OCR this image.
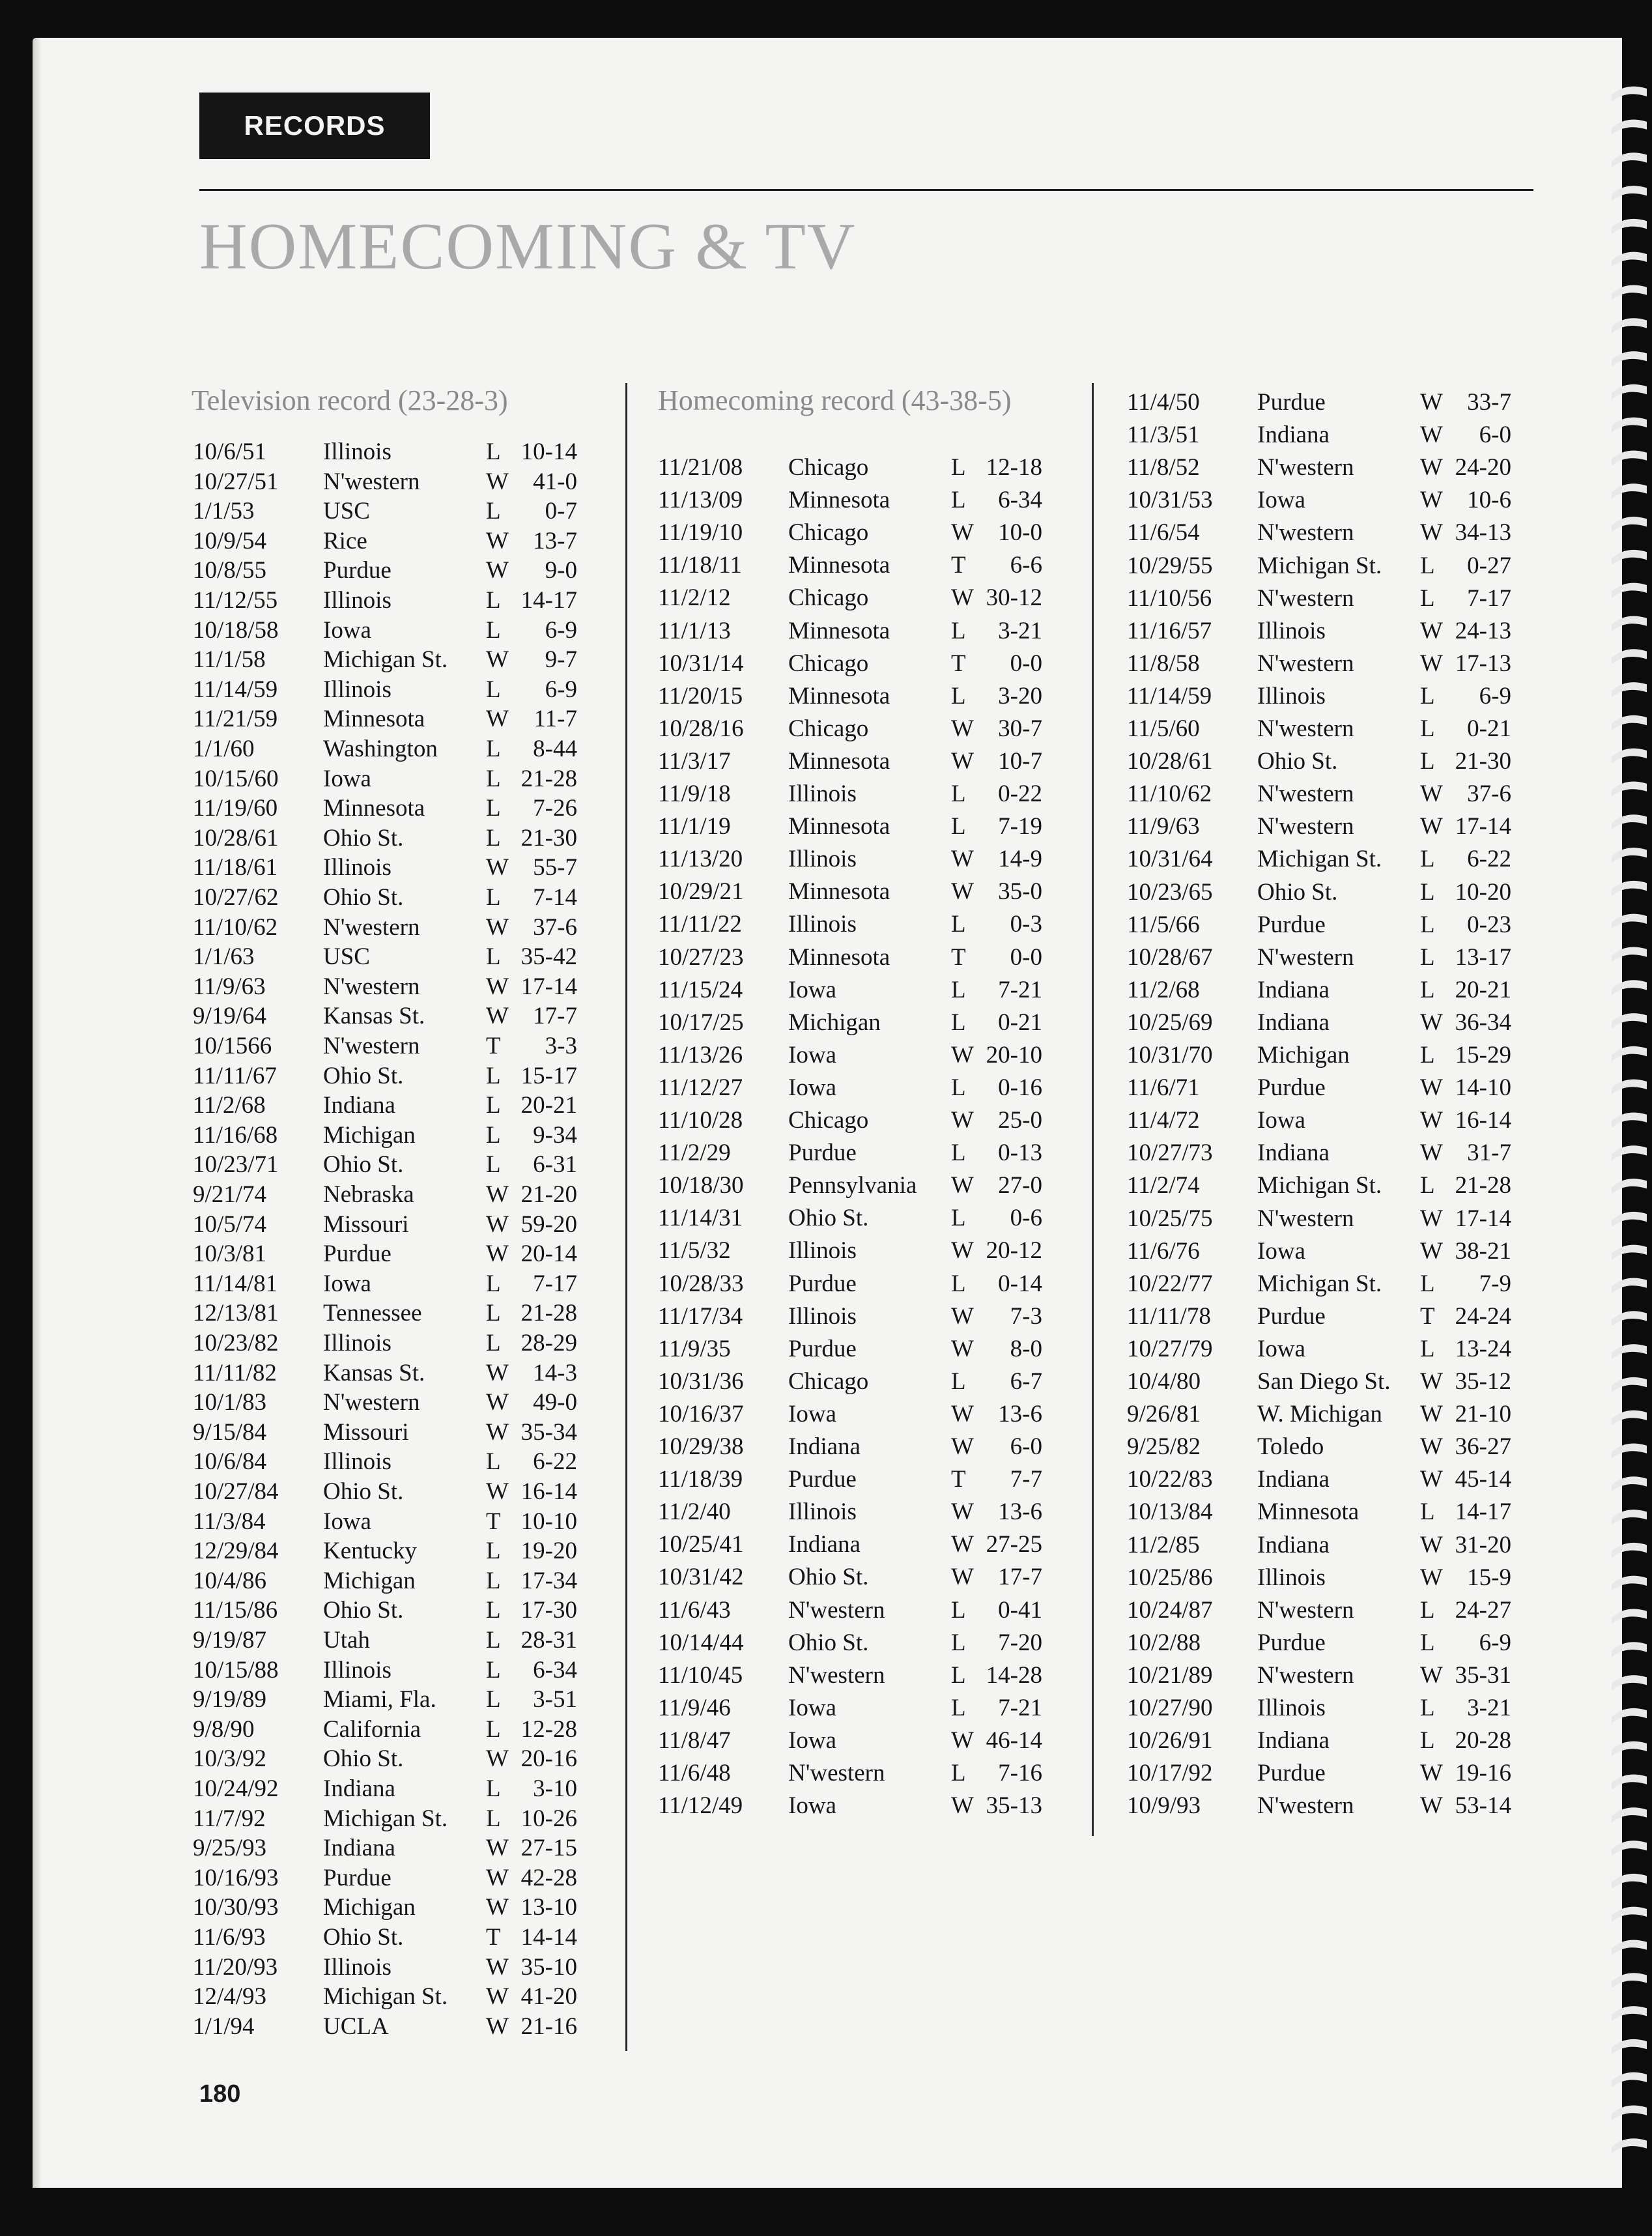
RECORDS
HOMECOMING & TV
Television record (23-28-3)
10/6/51 Illinois	L 10-14
10/27/51 N'western	W	41-0
1/1/53	USC	L	0-7
10/9/54 Rice	W	13-7
10/8/55 Purdue	W	9-0
11/12/55 Illinois	L 14-17
10/18/58 Iowa	L	6-9
11/1/58 Michigan St. W	9-7
11/14/59 Illinois	L	6-9
11/21/59 Minnesota	W	11-7
1/1/60	Washington L	8-44
10/15/60 Iowa	L 21-28
11/19/60 Minnesota	L	7-26
10/28/61 Ohio St.	L 21-30
11/18/61 Illinois	W	55-7
10/27/62 Ohio St.	L	7-14
11/10/62 N'western	W	37-6
1/1/63	USC	L 35-42
11/9/63 N'western	W 17-14
9/19/64 Kansas St.	W	17-7
10/1566 N'western	T	3-3
11/11/67 Ohio St.	L 15-17
11/2/68 Indiana	L 20-21
11/16/68 Michigan	L	9-34
10/23/71 Ohio St.	L	6-31
9/21/74 Nebraska	W 21-20
10/5/74 Missouri	W 59-20
10/3/81 Purdue	W 20-14
11/14/81 Iowa	L	7-17
12/13/81 Tennessee	L 21-28
10/23/82 Illinois	L 28-29
11/11/82 Kansas St.	W	14-3
10/1/83 N'western	W	49-0
9/15/84 Missouri	W 35-34
10/6/84 Illinois	L	6-22
10/27/84 Ohio St.	W 16-14
11/3/84 Iowa	T 10-10
12/29/84 Kentucky	L 19-20
10/4/86 Michigan	L 17-34
11/15/86 Ohio St.	L 17-30
9/19/87 Utah	L 28-31
10/15/88 Illinois	L	6-34
9/19/89 Miami, Fla. L	3-51
9/8/90	California	L 12-28
10/3/92 Ohio St.	W 20-16
10/24/92 Indiana	L	3-10
11/7/92 Michigan St. L 10-26
9/25/93 Indiana	W 27-15
10/16/93 Purdue	W 42-28
10/30/93 Michigan	W 13-10
11/6/93 Ohio St.	T 14-14
11/20/93 Illinois	W 35-10
12/4/93 Michigan St. W 41-20
1/1/94	UCLA	W 21-16
Homecoming record (43-38-5)
11/21/08 Chicago	L 12-18
11/13/09 Minnesota	L	6-34
11/19/10 Chicago	W	10-0
11/18/11 Minnesota	T	6-6
11/2/12 Chicago	W 30-12
11/1/13 Minnesota	L	3-21
10/31/14 Chicago	T	0-0
11/20/15 Minnesota	L	3-20
10/28/16 Chicago	W	30-7
11/3/17 Minnesota	W	10-7
11/9/18 Illinois	L	0-22
11/1/19 Minnesota	L	7-19
11/13/20 Illinois	W	14-9
10/29/21 Minnesota	W	35-0
11/11/22 Illinois	L	0-3
10/27/23 Minnesota	T	0-0
11/15/24 Iowa	L	7-21
10/17/25 Michigan	L	0-21
11/13/26 Iowa	W 20-10
11/12/27 Iowa	L	0-16
11/10/28 Chicago	W	25-0
11/2/29 Purdue	L	0-13
10/18/30 Pennsylvania W	27-0
11/14/31 Ohio St.	L	0-6
11/5/32 Illinois	W 20-12
10/28/33 Purdue	L	0-14
11/17/34 Illinois	W	7-3
11/9/35 Purdue	W	8-0
10/31/36 Chicago	L	6-7
10/16/37 Iowa	W	13-6
10/29/38 Indiana	W	6-0
11/18/39 Purdue	T	7-7
11/2/40 Illinois	W	13-6
10/25/41 Indiana	W 27-25
10/31/42 Ohio St.	W	17-7
11/6/43 N'western	L	0-41
10/14/44 Ohio St.	L	7-20
11/10/45 N'western	L 14-28
11/9/46 Iowa	L	7-21
11/8/47 Iowa	W 46-14
11/6/48 N'western	L	7-16
11/12/49 Iowa	W 35-13
11/4/50 Purdue	W	33-7
11/3/51 Indiana	W	6-0
11/8/52 N'western	W 24-20
10/31/53 Iowa	W	10-6
11/6/54 N'western	W 34-13
10/29/55 Michigan St. L	0-27
11/10/56 N'western	L	7-17
11/16/57 Illinois	W 24-13
11/8/58 N'western	W 17-13
11/14/59 Illinois	L	6-9
11/5/60 N'western	L	0-21
10/28/61 Ohio St.	L 21-30
11/10/62 N'western	W	37-6
11/9/63 N'western	W 17-14
10/31/64 Michigan St. L	6-22
10/23/65 Ohio St.	L 10-20
11/5/66 Purdue	L	0-23
10/28/67 N'western	L 13-17
11/2/68 Indiana	L 20-21
10/25/69 Indiana	W 36-34
10/31/70 Michigan	L 15-29
11/6/71 Purdue	W 14-10
11/4/72 Iowa	W 16-14
10/27/73 Indiana	W	31-7
11/2/74 Michigan St. L 21-28
10/25/75 N'western	W 17-14
11/6/76 Iowa	W 38-21
10/22/77 Michigan St. L	7-9
11/11/78 Purdue	T 24-24
10/27/79 Iowa	L 13-24
10/4/80 San Diego St. W 35-12
9/26/81 W. Michigan W 21-10
9/25/82 Toledo	W 36-27
10/22/83 Indiana	W 45-14
10/13/84 Minnesota	L 14-17
11/2/85 Indiana	W 31-20
10/25/86 Illinois	W	15-9
10/24/87 N'western	L 24-27
10/2/88 Purdue	L	6-9
10/21/89 N'western	W 35-31
10/27/90 Illinois	L	3-21
10/26/91 Indiana	L 20-28
10/17/92 Purdue	W 19-16
10/9/93 N'western	W 53-14
180
